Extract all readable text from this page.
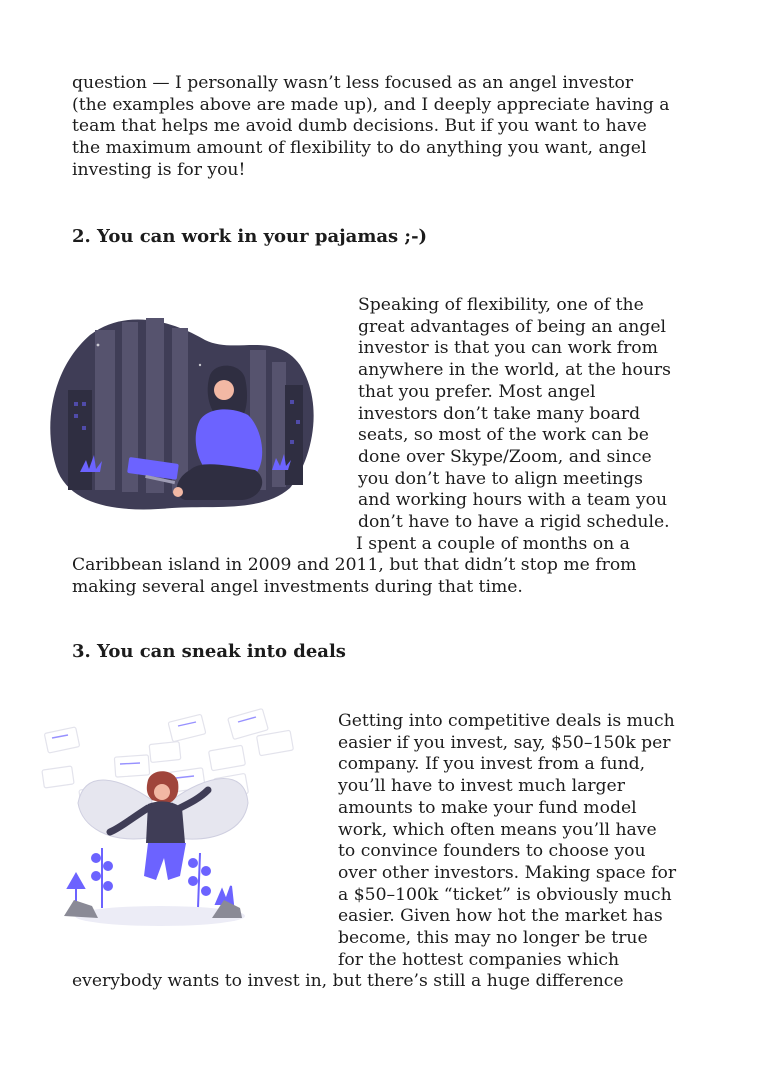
question — I personally wasn’t less focused as an angel investor
(the examples above are made up), and I deeply appreciate having a
team that helps me avoid dumb decisions. But if you want to have
the maximum amount of flexibility to do anything you want, angel
investing is for you!

2. You can work in your pajamas ;-)

Speaking of flexibility, one of the
great advantages of being an angel
investor is that you can work from
anywhere in the world, at the hours
that you prefer. Most angel
investors don’t take many board
seats, so most of the work can be
done over Skype/Zoom, and since
you don’t have to align meetings
and working hours with a team you
don’t have to have a rigid schedule.
I spent a couple of months on a

Caribbean island in 2009 and 2011, but that didn’t stop me from
making several angel investments during that time.

3. You can sneak into deals

Getting into competitive deals is much
easier if you invest, say, $50–150k per
company. If you invest from a fund,
you’ll have to invest much larger
amounts to make your fund model
work, which often means you’ll have
to convince founders to choose you
over other investors. Making space for
a $50–100k “ticket” is obviously much
easier. Given how hot the market has
become, this may no longer be true
for the hottest companies which

everybody wants to invest in, but there’s still a huge difference
